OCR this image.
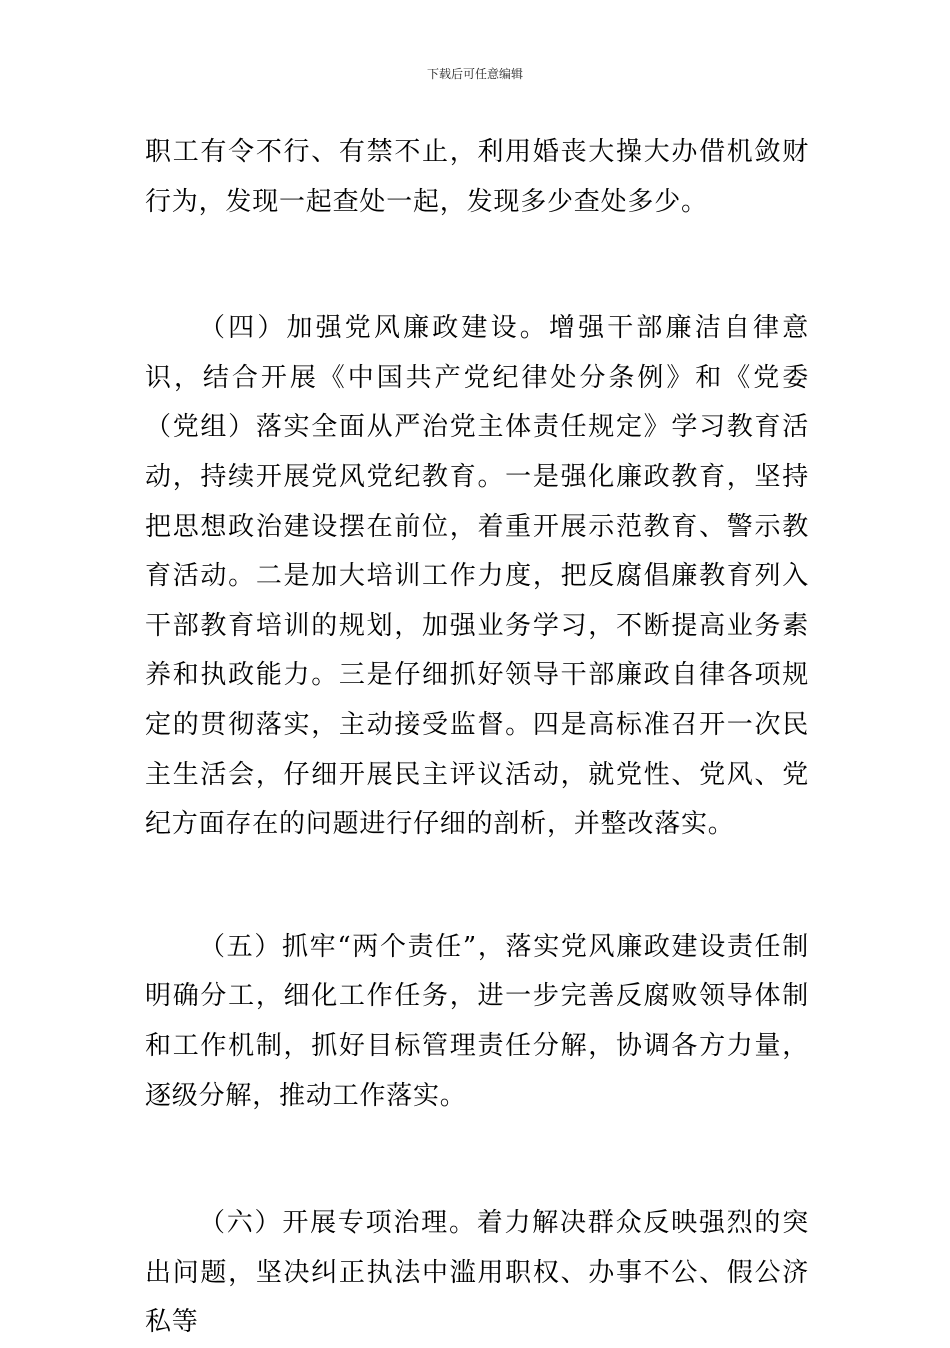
下载后可任意编辑

职工有令不行、有禁不止，利用婚丧大操大办借机敛财行为，发现一起查处一起，发现多少查处多少。

（四）加强党风廉政建设。增强干部廉洁自律意识，结合开展《中国共产党纪律处分条例》和《党委（党组）落实全面从严治党主体责任规定》学习教育活动，持续开展党风党纪教育。一是强化廉政教育，坚持把思想政治建设摆在前位，着重开展示范教育、警示教育活动。二是加大培训工作力度，把反腐倡廉教育列入干部教育培训的规划，加强业务学习，不断提高业务素养和执政能力。三是仔细抓好领导干部廉政自律各项规定的贯彻落实，主动接受监督。四是高标准召开一次民主生活会，仔细开展民主评议活动，就党性、党风、党纪方面存在的问题进行仔细的剖析，并整改落实。

（五）抓牢“两个责任”，落实党风廉政建设责任制明确分工，细化工作任务，进一步完善反腐败领导体制和工作机制，抓好目标管理责任分解，协调各方力量，逐级分解，推动工作落实。

（六）开展专项治理。着力解决群众反映强烈的突出问题，坚决纠正执法中滥用职权、办事不公、假公济私等
